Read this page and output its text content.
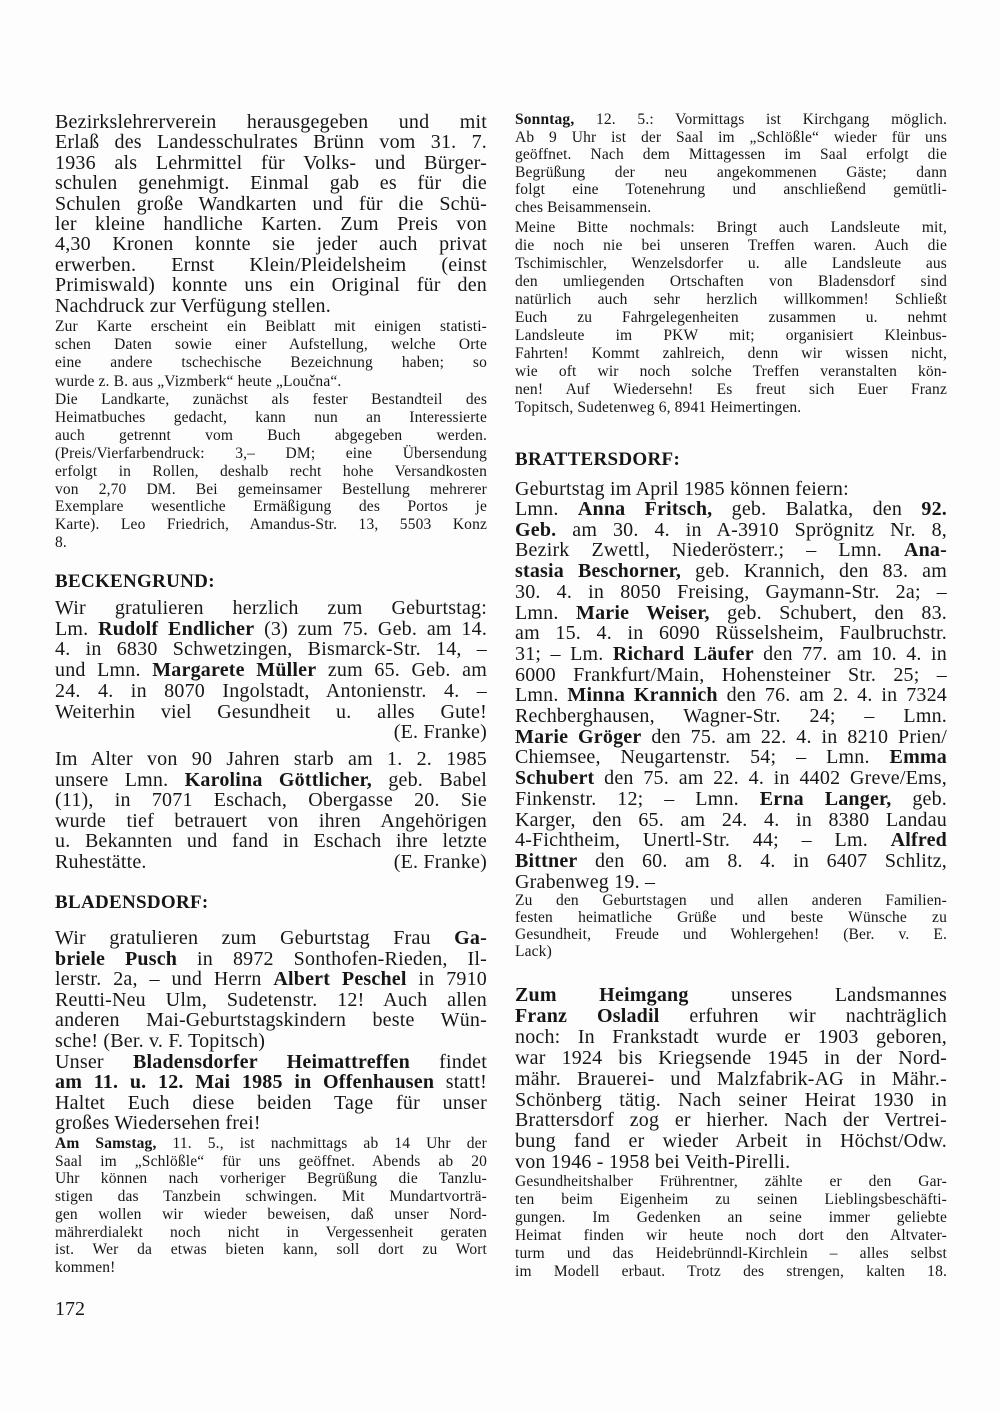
Bezirkslehrerverein herausgegeben und mit
Erlaß des Landesschulrates Brünn vom 31. 7.
1936 als Lehrmittel für Volks- und Bürger-
schulen genehmigt. Einmal gab es für die
Schulen große Wandkarten und für die Schü-
ler kleine handliche Karten. Zum Preis von
4,30 Kronen konnte sie jeder auch privat
erwerben. Ernst Klein/Pleidelsheim (einst
Primiswald) konnte uns ein Original für den
Nachdruck zur Verfügung stellen.
Zur Karte erscheint ein Beiblatt mit einigen statisti-
schen Daten sowie einer Aufstellung, welche Orte
eine andere tschechische Bezeichnung haben; so
wurde z. B. aus „Vizmberk“ heute „Loučna“.
Die Landkarte, zunächst als fester Bestandteil des
Heimatbuches gedacht, kann nun an Interessierte
auch getrennt vom Buch abgegeben werden.
(Preis/Vierfarbendruck: 3,– DM; eine Übersendung
erfolgt in Rollen, deshalb recht hohe Versandkosten
von 2,70 DM. Bei gemeinsamer Bestellung mehrerer
Exemplare wesentliche Ermäßigung des Portos je
Karte). Leo Friedrich, Amandus-Str. 13, 5503 Konz
8.
BECKENGRUND:
Wir gratulieren herzlich zum Geburtstag:
Lm. Rudolf Endlicher (3) zum 75. Geb. am 14.
4. in 6830 Schwetzingen, Bismarck-Str. 14, –
und Lmn. Margarete Müller zum 65. Geb. am
24. 4. in 8070 Ingolstadt, Antonienstr. 4. –
Weiterhin viel Gesundheit u. alles Gute!
(E. Franke)
Im Alter von 90 Jahren starb am 1. 2. 1985
unsere Lmn. Karolina Göttlicher, geb. Babel
(11), in 7071 Eschach, Obergasse 20. Sie
wurde tief betrauert von ihren Angehörigen
u. Bekannten und fand in Eschach ihre letzte
Ruhestätte.	(E. Franke)
BLADENSDORF:
Wir gratulieren zum Geburtstag Frau Ga-
briele Pusch in 8972 Sonthofen-Rieden, Il-
lerstr. 2a, – und Herrn Albert Peschel in 7910
Reutti-Neu Ulm, Sudetenstr. 12! Auch allen
anderen Mai-Geburtstagskindern beste Wün-
sche! (Ber. v. F. Topitsch)
Unser Bladensdorfer Heimattreffen findet
am 11. u. 12. Mai 1985 in Offenhausen statt!
Haltet Euch diese beiden Tage für unser
großes Wiedersehen frei!
Am Samstag, 11. 5., ist nachmittags ab 14 Uhr der
Saal im „Schlößle“ für uns geöffnet. Abends ab 20
Uhr können nach vorheriger Begrüßung die Tanzlu-
stigen das Tanzbein schwingen. Mit Mundartvorträ-
gen wollen wir wieder beweisen, daß unser Nord-
mährerdialekt noch nicht in Vergessenheit geraten
ist. Wer da etwas bieten kann, soll dort zu Wort
kommen!
Sonntag, 12. 5.: Vormittags ist Kirchgang möglich.
Ab 9 Uhr ist der Saal im „Schlößle“ wieder für uns
geöffnet. Nach dem Mittagessen im Saal erfolgt die
Begrüßung der neu angekommenen Gäste; dann
folgt eine Totenehrung und anschließend gemütli-
ches Beisammensein.
Meine Bitte nochmals: Bringt auch Landsleute mit,
die noch nie bei unseren Treffen waren. Auch die
Tschimischler, Wenzelsdorfer u. alle Landsleute aus
den umliegenden Ortschaften von Bladensdorf sind
natürlich auch sehr herzlich willkommen! Schließt
Euch zu Fahrgelegenheiten zusammen u. nehmt
Landsleute im PKW mit; organisiert Kleinbus-
Fahrten! Kommt zahlreich, denn wir wissen nicht,
wie oft wir noch solche Treffen veranstalten kön-
nen! Auf Wiedersehn! Es freut sich Euer Franz
Topitsch, Sudetenweg 6, 8941 Heimertingen.
BRATTERSDORF:
Geburtstag im April 1985 können feiern:
Lmn. Anna Fritsch, geb. Balatka, den 92.
Geb. am 30. 4. in A-3910 Sprögnitz Nr. 8,
Bezirk Zwettl, Niederösterr.; – Lmn. Ana-
stasia Beschorner, geb. Krannich, den 83. am
30. 4. in 8050 Freising, Gaymann-Str. 2a; –
Lmn. Marie Weiser, geb. Schubert, den 83.
am 15. 4. in 6090 Rüsselsheim, Faulbruchstr.
31; – Lm. Richard Läufer den 77. am 10. 4. in
6000 Frankfurt/Main, Hohensteiner Str. 25; –
Lmn. Minna Krannich den 76. am 2. 4. in 7324
Rechberghausen, Wagner-Str. 24; – Lmn.
Marie Gröger den 75. am 22. 4. in 8210 Prien/
Chiemsee, Neugartenstr. 54; – Lmn. Emma
Schubert den 75. am 22. 4. in 4402 Greve/Ems,
Finkenstr. 12; – Lmn. Erna Langer, geb.
Karger, den 65. am 24. 4. in 8380 Landau
4-Fichtheim, Unertl-Str. 44; – Lm. Alfred
Bittner den 60. am 8. 4. in 6407 Schlitz,
Grabenweg 19. –
Zu den Geburtstagen und allen anderen Familien-
festen heimatliche Grüße und beste Wünsche zu
Gesundheit, Freude und Wohlergehen! (Ber. v. E.
Lack)
Zum Heimgang unseres Landsmannes
Franz Osladil erfuhren wir nachträglich
noch: In Frankstadt wurde er 1903 geboren,
war 1924 bis Kriegsende 1945 in der Nord-
mähr. Brauerei- und Malzfabrik-AG in Mähr.-
Schönberg tätig. Nach seiner Heirat 1930 in
Brattersdorf zog er hierher. Nach der Vertrei-
bung fand er wieder Arbeit in Höchst/Odw.
von 1946 - 1958 bei Veith-Pirelli.
Gesundheitshalber Frührentner, zählte er den Gar-
ten beim Eigenheim zu seinen Lieblingsbeschäfti-
gungen. Im Gedenken an seine immer geliebte
Heimat finden wir heute noch dort den Altvater-
turm und das Heidebrünndl-Kirchlein – alles selbst
im Modell erbaut. Trotz des strengen, kalten 18.
172
